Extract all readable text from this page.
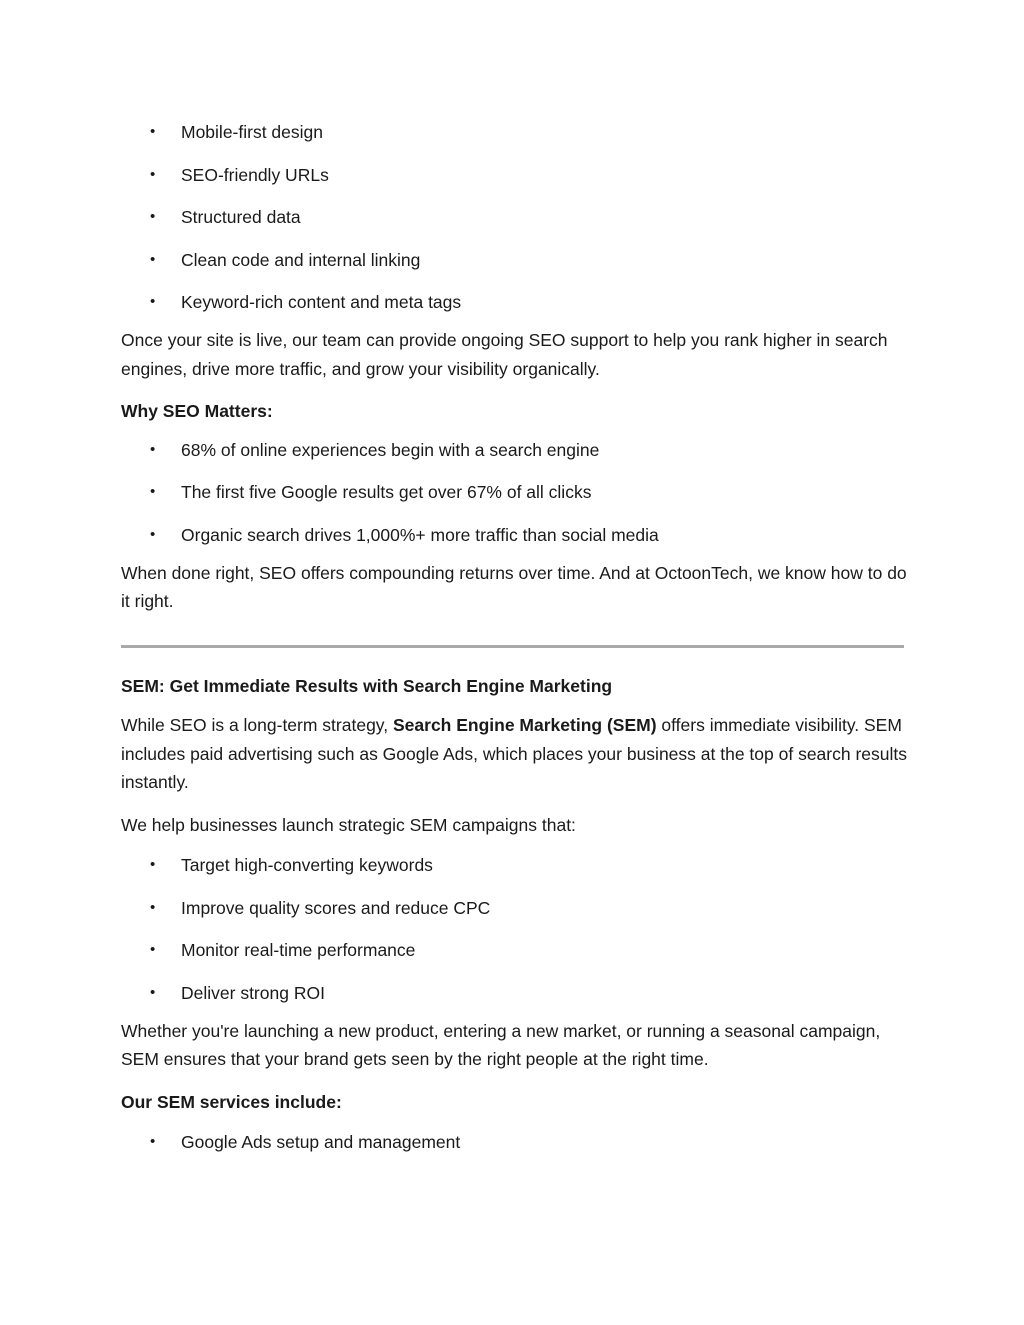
• Mobile-first design
• SEO-friendly URLs
• Structured data
• Clean code and internal linking
• Keyword-rich content and meta tags

Once your site is live, our team can provide ongoing SEO support to help you rank higher in search engines, drive more traffic, and grow your visibility organically.

Why SEO Matters:
• 68% of online experiences begin with a search engine
• The first five Google results get over 67% of all clicks
• Organic search drives 1,000%+ more traffic than social media

When done right, SEO offers compounding returns over time. And at OctoonTech, we know how to do it right.

SEM: Get Immediate Results with Search Engine Marketing

While SEO is a long-term strategy, Search Engine Marketing (SEM) offers immediate visibility. SEM includes paid advertising such as Google Ads, which places your business at the top of search results instantly.

We help businesses launch strategic SEM campaigns that:

• Target high-converting keywords
• Improve quality scores and reduce CPC
• Monitor real-time performance
• Deliver strong ROI

Whether you're launching a new product, entering a new market, or running a seasonal campaign, SEM ensures that your brand gets seen by the right people at the right time.

Our SEM services include:
• Google Ads setup and management
